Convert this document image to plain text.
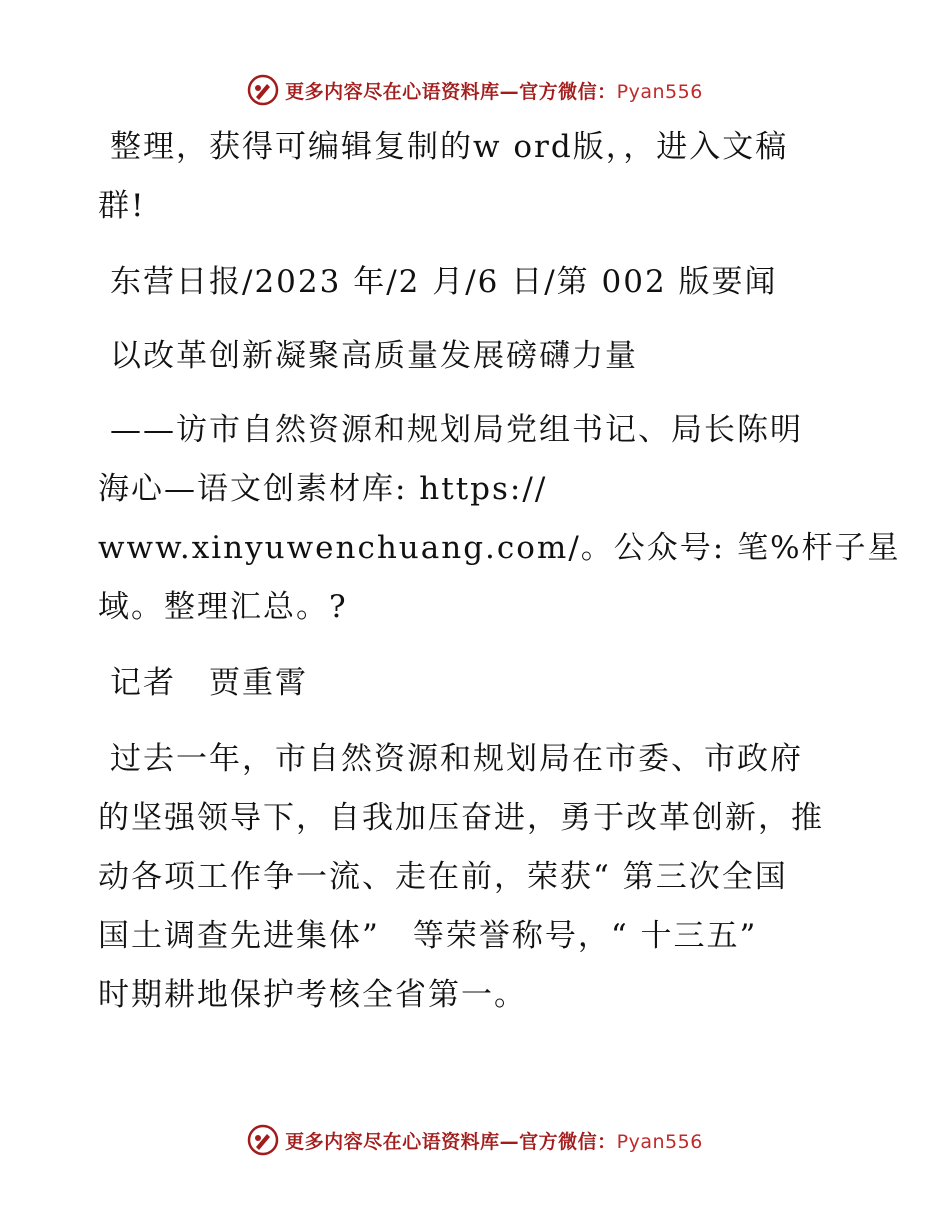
更多内容尽在心语资料库—官方微信：Pyan556
整理，获得可编辑复制的w ord版，，进入文稿
群!
东营日报/2023 年/2 月/6 日/第 002 版要闻
以改革创新凝聚高质量发展磅礴力量
——访市自然资源和规划局党组书记、局长陈明
海心—语文创素材库: https://
www.xinyuwenchuang.com/。公众号: 笔%杆子星
域。整理汇总。?
记者　贾重霄
过去一年，市自然资源和规划局在市委、市政府
的坚强领导下，自我加压奋进，勇于改革创新，推
动各项工作争一流、走在前，荣获“ 第三次全国
国土调查先进集体”　等荣誉称号，“ 十三五”
时期耕地保护考核全省第一。
更多内容尽在心语资料库—官方微信：Pyan556
